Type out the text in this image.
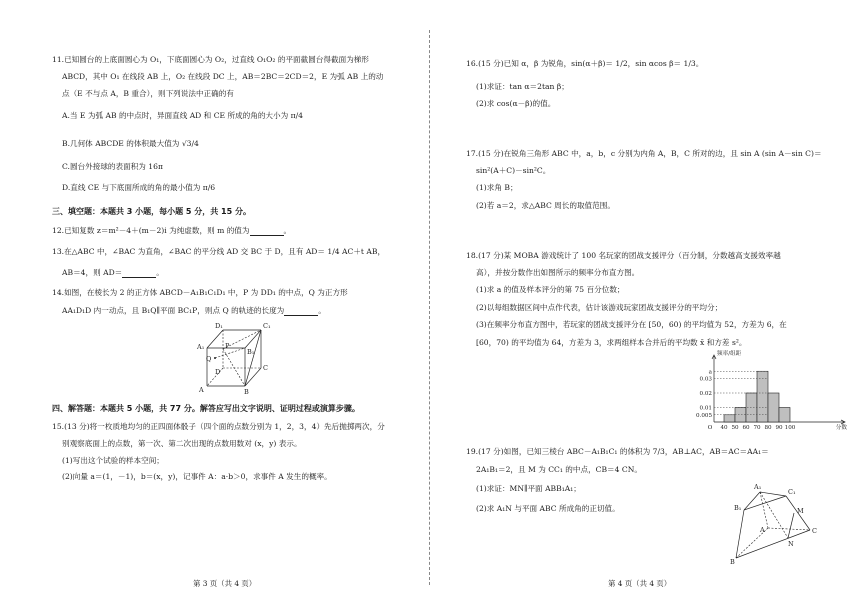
11.已知圆台的上底面圆心为 O₁，下底面圆心为 O₂，过直线 O₁O₂ 的平面截圆台得截面为梯形
ABCD，其中 O₁ 在线段 AB 上，O₂ 在线段 DC 上，AB＝2BC＝2CD＝2，E 为弧 AB 上的动
点（E 不与点 A，B 重合），则下列说法中正确的有
A.当 E 为弧 AB 的中点时，异面直线 AD 和 CE 所成的角的大小为 π/4
B.几何体 ABCDE 的体积最大值为 √3/4
C.圆台外接球的表面积为 16π
D.直线 CE 与下底面所成的角的最小值为 π/6
三、填空题：本题共 3 小题，每小题 5 分，共 15 分。
12.已知复数 z＝m²－4＋(m－2)i 为纯虚数，则 m 的值为	。
13.在△ABC 中，∠BAC 为直角，∠BAC 的平分线 AD 交 BC 于 D，且有 AD＝ 1/4 AC＋t AB，
AB＝4，则 AD＝	。
14.如图，在棱长为 2 的正方体 ABCD－A₁B₁C₁D₁ 中，P 为 DD₁ 的中点，Q 为正方形
AA₁D₁D 内一动点，且 B₁Q∥平面 BC₁P，则点 Q 的轨迹的长度为	。
D₁	C₁
A₁
B₁
P
Q
D	C
A	B
四、解答题：本题共 5 小题，共 77 分。解答应写出文字说明、证明过程或演算步骤。
15.(13 分)将一枚质地均匀的正四面体骰子（四个面的点数分别为 1，2，3，4）先后抛掷两次，分
别观察底面上的点数，第一次、第二次出现的点数用数对 (x，y) 表示。
(1)写出这个试验的样本空间；
(2)向量 a＝(1，－1)，b＝(x，y)，记事件 A：a·b＞0，求事件 A 发生的概率。
第 3 页（共 4 页）
16.(15 分)已知 α，β 为锐角，sin(α＋β)＝ 1/2，sin αcos β＝ 1/3。
(1)求证：tan α＝2tan β；
(2)求 cos(α－β)的值。
17.(15 分)在锐角三角形 ABC 中，a，b，c 分别为内角 A，B，C 所对的边，且 sin A (sin A－sin C)＝
sin²(A＋C)－sin²C。
(1)求角 B；
(2)若 a＝2，求△ABC 周长的取值范围。
18.(17 分)某 MOBA 游戏统计了 100 名玩家的团战支援评分（百分制，分数越高支援效率越
高），并按分数作出如图所示的频率分布直方图。
(1)求 a 的值及样本评分的第 75 百分位数；
(2)以每组数据区间中点作代表，估计该游戏玩家团战支援评分的平均分；
(3)在频率分布直方图中，若玩家的团战支援评分在 [50，60) 的平均值为 52，方差为 6，在
[60，70) 的平均值为 64，方差为 3，求两组样本合并后的平均数 x̄ 和方差 s²。
0.03
a
0.02
0.01
0.005
O 40 50 60 70 80 90 100	分数
频率/组距
19.(17 分)如图，已知三棱台 ABC－A₁B₁C₁ 的体积为 7/3，AB⊥AC，AB＝AC＝AA₁＝
2A₁B₁＝2，且 M 为 CC₁ 的中点，CB＝4 CN。
(1)求证：MN∥平面 ABB₁A₁；
(2)求 A₁N 与平面 ABC 所成角的正切值。
A₁
C₁
B₁	M
A	C
N
B
第 4 页（共 4 页）
